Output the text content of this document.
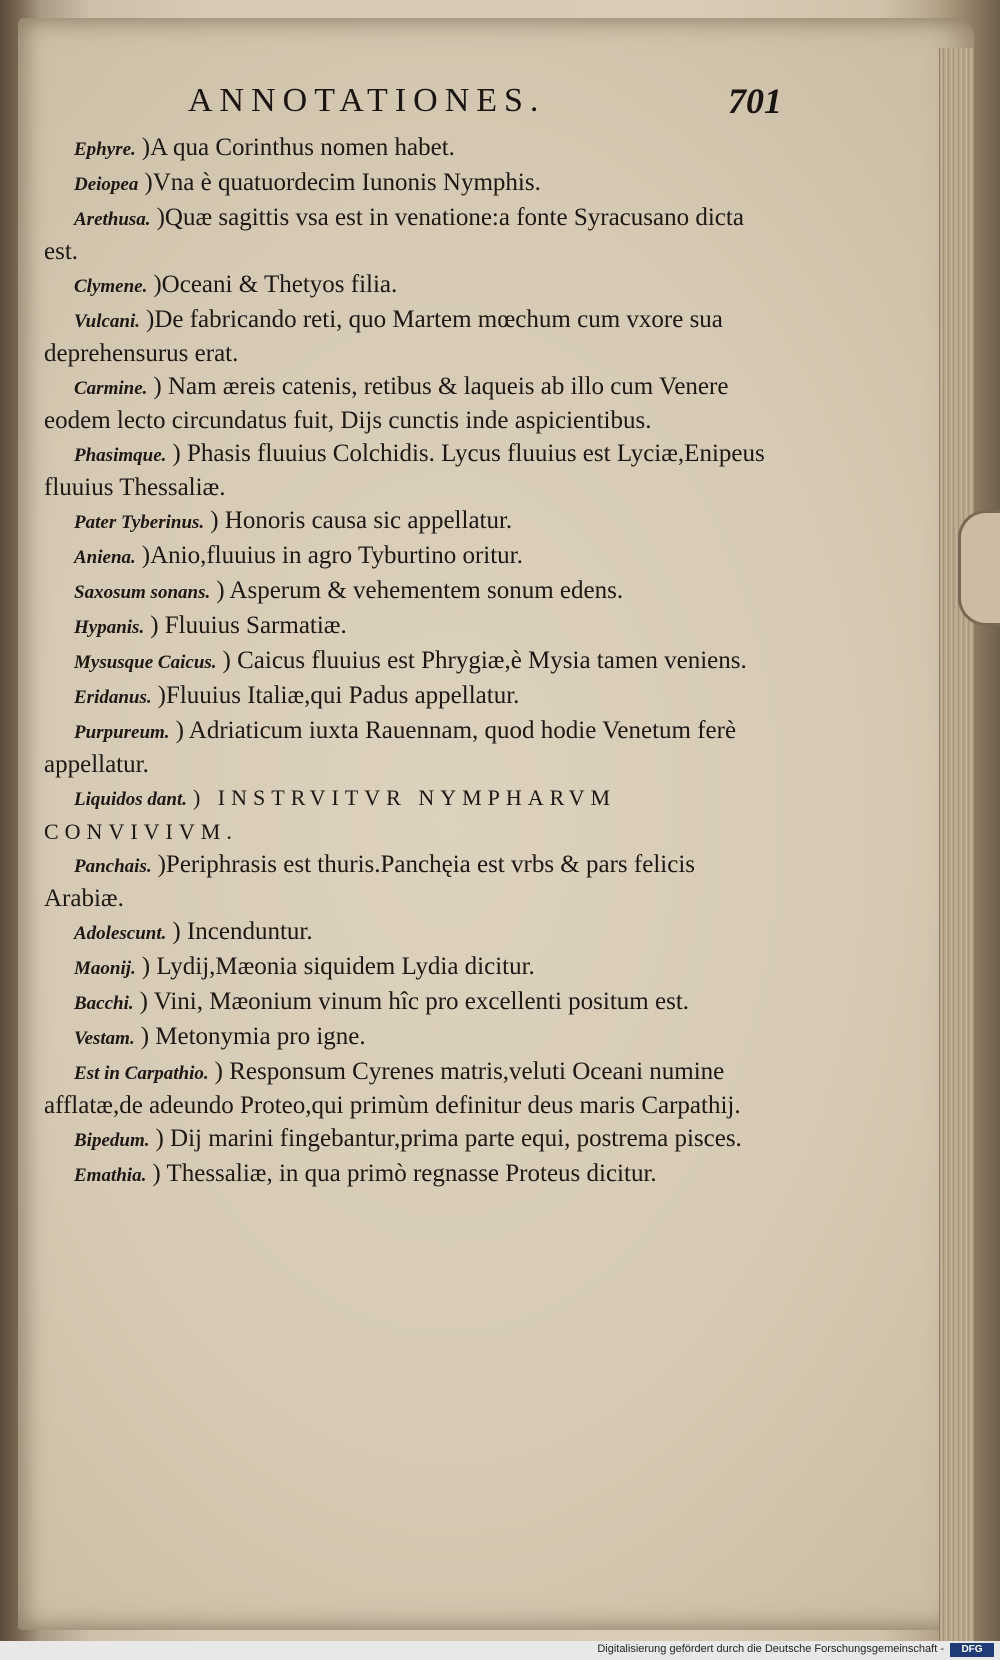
ANNOTATIONES.	701
Ephyre. )A qua Corinthus nomen habet.
Deiopea )Vna è quatuordecim Iunonis Nymphis.
Arethusa. )Quæ sagittis vsa est in venatione:a fonte Syracusano dicta est.
Clymene. )Oceani & Thetyos filia.
Vulcani. )De fabricando reti, quo Martem mœchum cum vxore sua deprehensurus erat.
Carmine. ) Nam æreis catenis, retibus & laqueis ab illo cum Venere eodem lecto circundatus fuit, Dijs cunctis inde aspicientibus.
Phasimque. ) Phasis fluuius Colchidis. Lycus fluuius est Lyciæ,Enipeus fluuius Thessaliæ.
Pater Tyberinus. ) Honoris causa sic appellatur.
Aniena. )Anio,fluuius in agro Tyburtino oritur.
Saxosum sonans. ) Asperum & vehementem sonum edens.
Hypanis. ) Fluuius Sarmatiæ.
Mysusque Caicus. ) Caicus fluuius est Phrygiæ,è Mysia tamen veniens.
Eridanus. )Fluuius Italiæ,qui Padus appellatur.
Purpureum. ) Adriaticum iuxta Rauennam, quod hodie Venetum ferè appellatur.
Liquidos dant. ) INSTRVITVR NYMPHARVM CONVIVIVM.
Panchais. )Periphrasis est thuris.Panchęia est vrbs & pars felicis Arabiæ.
Adolescunt. ) Incenduntur.
Maonij. ) Lydij,Mæonia siquidem Lydia dicitur.
Bacchi. ) Vini, Mæonium vinum hîc pro excellenti positum est.
Vestam. ) Metonymia pro igne.
Est in Carpathio. ) Responsum Cyrenes matris,veluti Oceani numine afflatæ,de adeundo Proteo,qui primùm definitur deus maris Carpathij.
Bipedum. ) Dij marini fingebantur,prima parte equi, postrema pisces.
Emathia. ) Thessaliæ, in qua primò regnasse Proteus dicitur.
Digitalisierung gefördert durch die Deutsche Forschungsgemeinschaft -	DFG
